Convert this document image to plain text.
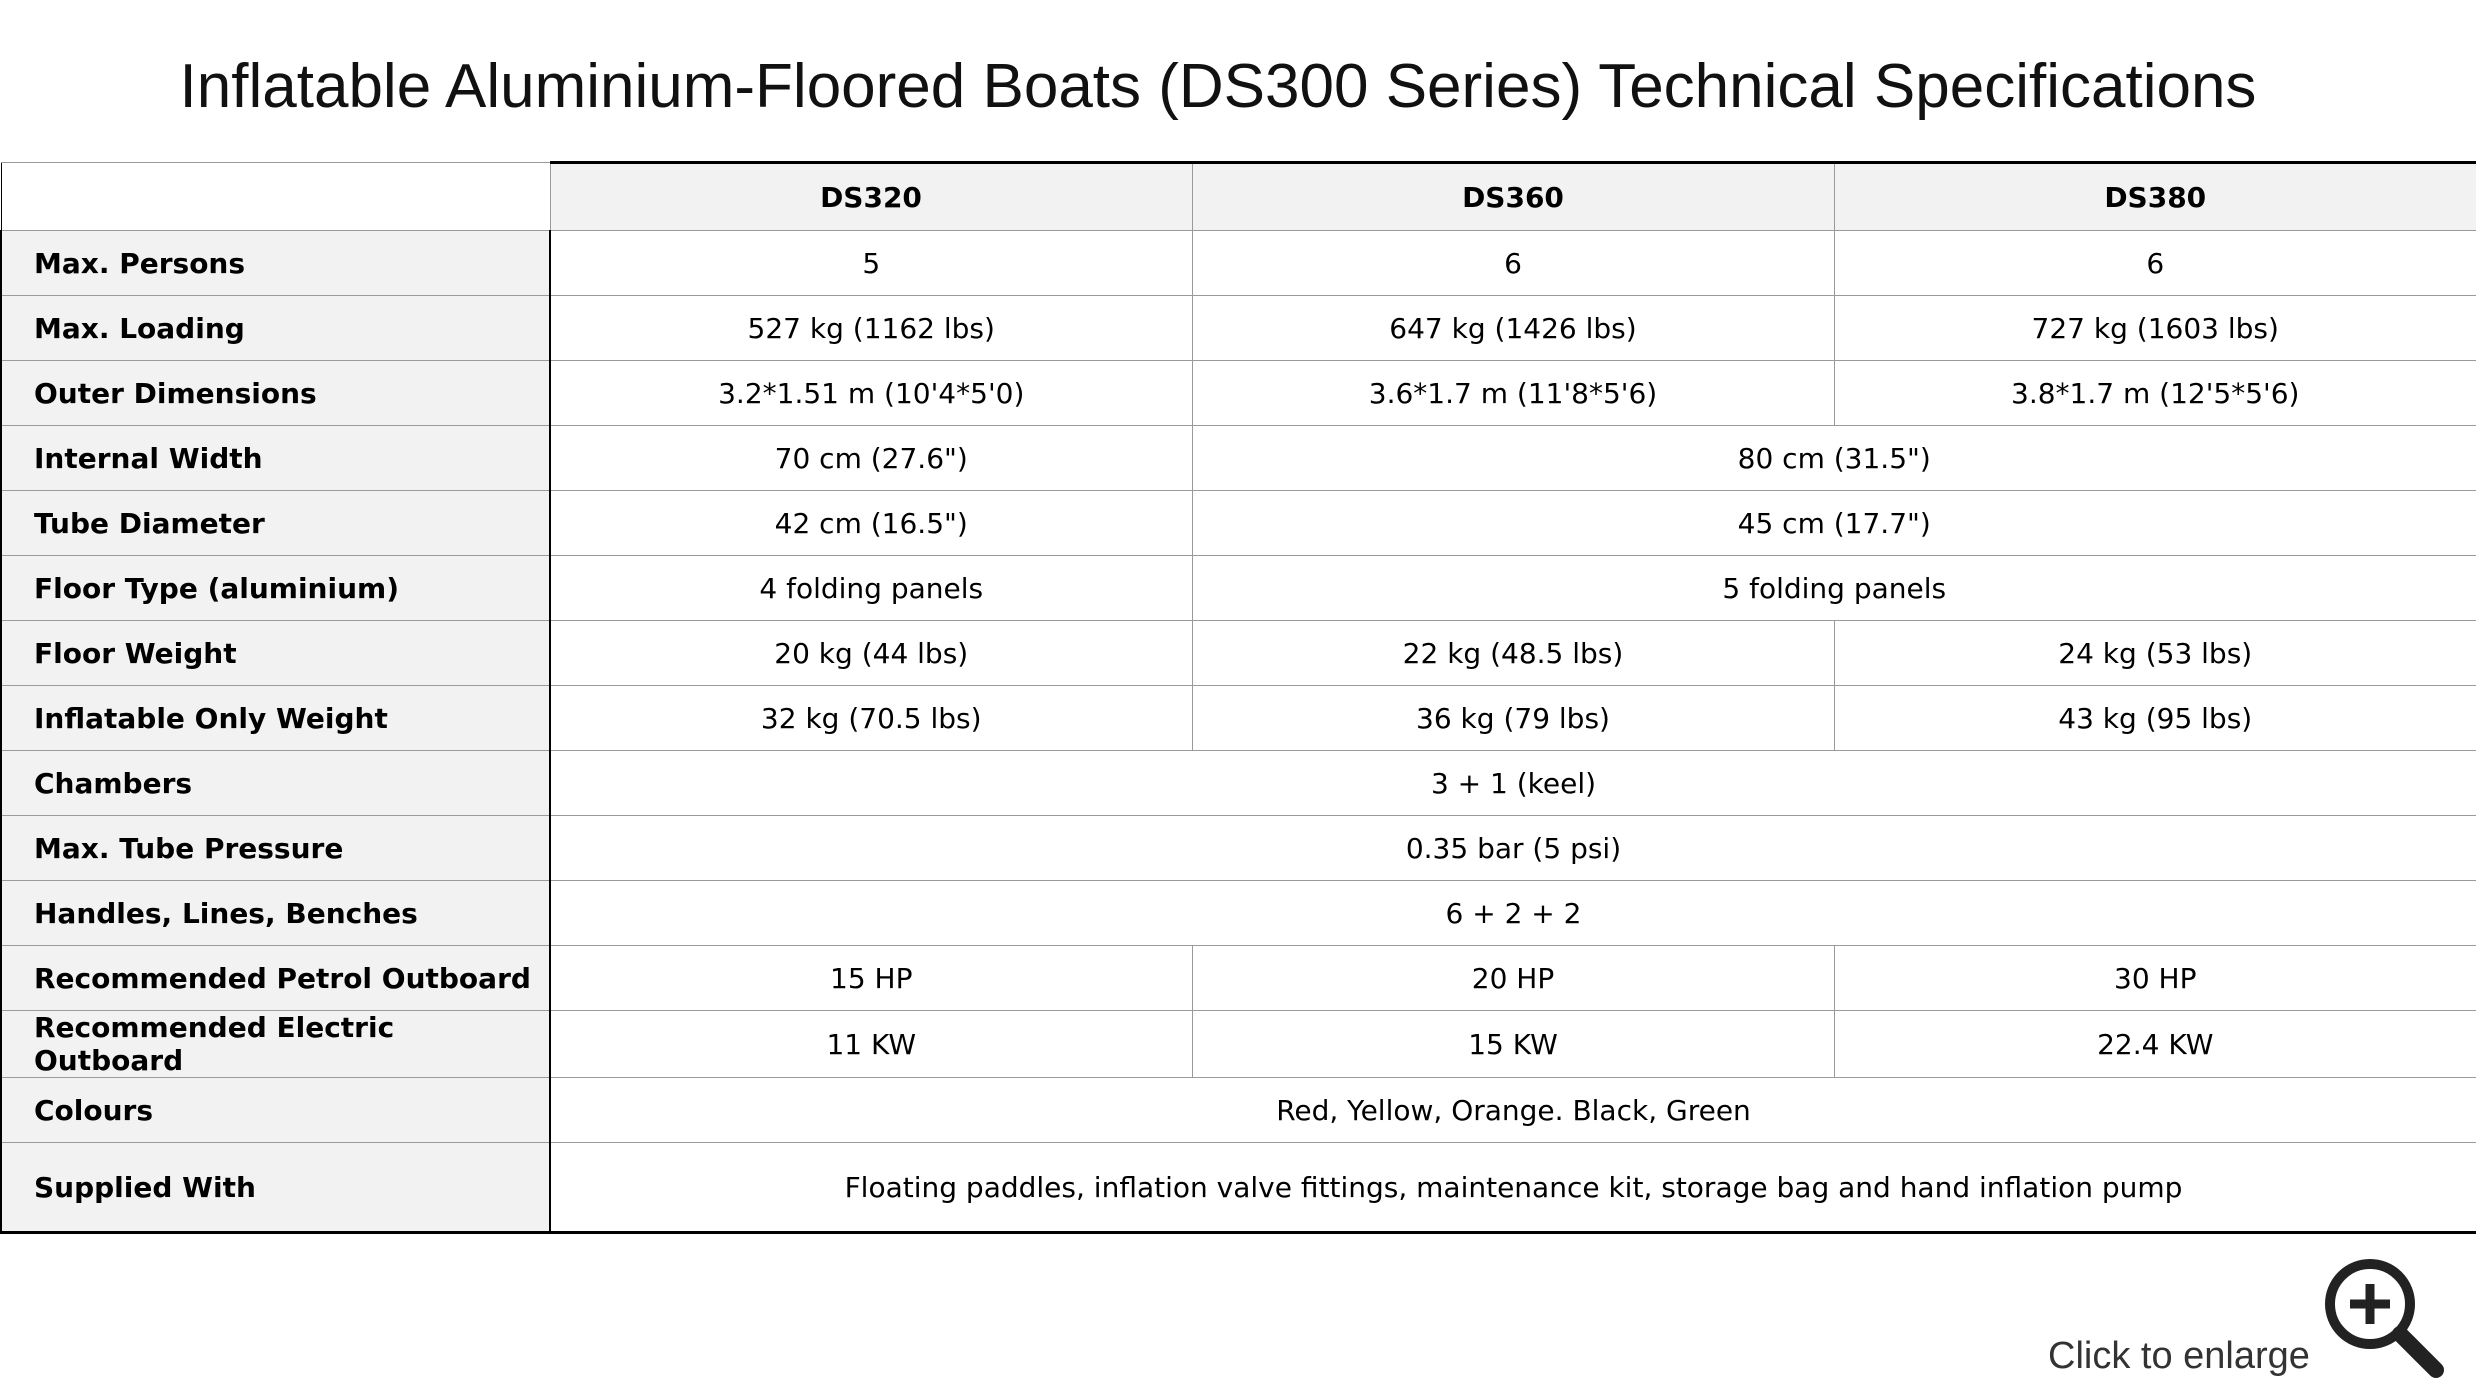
Inflatable Aluminium-Floored Boats (DS300 Series) Technical Specifications
	DS320	DS360	DS380
Max. Persons	5	6	6
Max. Loading	527 kg (1162 lbs)	647 kg (1426 lbs)	727 kg (1603 lbs)
Outer Dimensions	3.2*1.51 m (10'4*5'0)	3.6*1.7 m (11'8*5'6)	3.8*1.7 m (12'5*5'6)
Internal Width	70 cm (27.6")	80 cm (31.5")	
Tube Diameter	42 cm (16.5")	45 cm (17.7")	
Floor Type (aluminium)	4 folding panels	5 folding panels	
Floor Weight	20 kg (44 lbs)	22 kg (48.5 lbs)	24 kg (53 lbs)
Inflatable Only Weight	32 kg (70.5 lbs)	36 kg (79 lbs)	43 kg (95 lbs)
Chambers	3 + 1 (keel)		
Max. Tube Pressure	0.35 bar (5 psi)		
Handles, Lines, Benches	6 + 2 + 2		
Recommended Petrol Outboard	15 HP	20 HP	30 HP
Recommended Electric Outboard	11 KW	15 KW	22.4 KW
Colours	Red, Yellow, Orange. Black, Green		
Supplied With	Floating paddles, inflation valve fittings, maintenance kit, storage bag and hand inflation pump		
Click to enlarge
